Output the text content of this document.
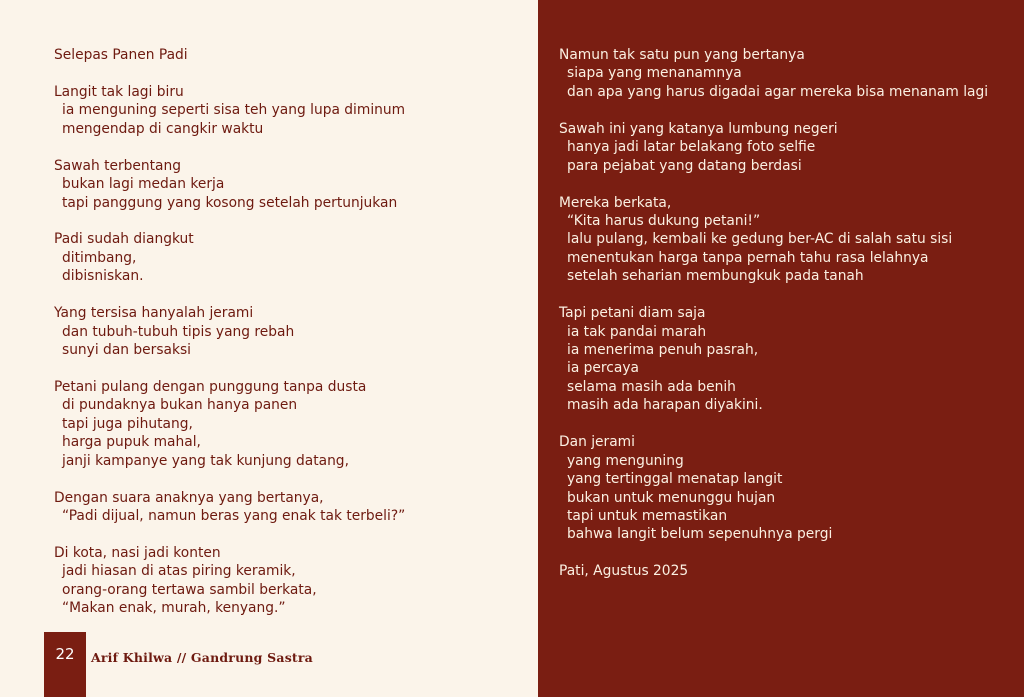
Selepas Panen Padi
Langit tak lagi biru
ia menguning seperti sisa teh yang lupa diminum
mengendap di cangkir waktu
Sawah terbentang
bukan lagi medan kerja
tapi panggung yang kosong setelah pertunjukan
Padi sudah diangkut
ditimbang,
dibisniskan.
Yang tersisa hanyalah jerami
dan tubuh-tubuh tipis yang rebah
sunyi dan bersaksi
Petani pulang dengan punggung tanpa dusta
di pundaknya bukan hanya panen
tapi juga pihutang,
harga pupuk mahal,
janji kampanye yang tak kunjung datang,
Dengan suara anaknya yang bertanya,
“Padi dijual, namun beras yang enak tak terbeli?”
Di kota, nasi jadi konten
jadi hiasan di atas piring keramik,
orang-orang tertawa sambil berkata,
“Makan enak, murah, kenyang.”
Namun tak satu pun yang bertanya
siapa yang menanamnya
dan apa yang harus digadai agar mereka bisa menanam lagi
Sawah ini yang katanya lumbung negeri
hanya jadi latar belakang foto selfie
para pejabat yang datang berdasi
Mereka berkata,
“Kita harus dukung petani!”
lalu pulang, kembali ke gedung ber-AC di salah satu sisi
menentukan harga tanpa pernah tahu rasa lelahnya
setelah seharian membungkuk pada tanah
Tapi petani diam saja
ia tak pandai marah
ia menerima penuh pasrah,
ia percaya
selama masih ada benih
masih ada harapan diyakini.
Dan jerami
yang menguning
yang tertinggal menatap langit
bukan untuk menunggu hujan
tapi untuk memastikan
bahwa langit belum sepenuhnya pergi
Pati, Agustus 2025
22	Arif Khilwa // Gandrung Sastra
